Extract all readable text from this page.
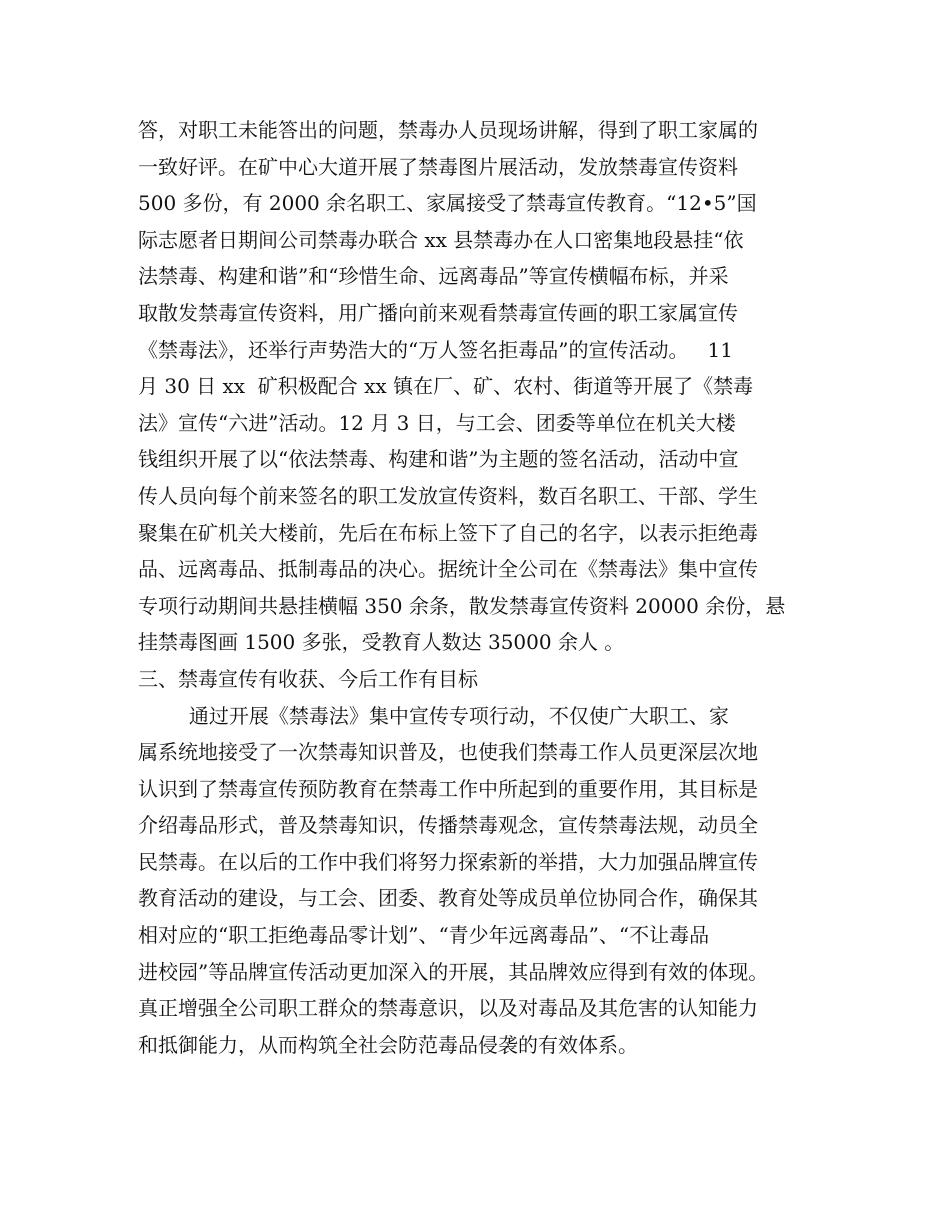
答，对职工未能答出的问题，禁毒办人员现场讲解，得到了职工家属的
一致好评。在矿中心大道开展了禁毒图片展活动，发放禁毒宣传资料
500 多份，有 2000 余名职工、家属接受了禁毒宣传教育。“12•5”国
际志愿者日期间公司禁毒办联合 xx 县禁毒办在人口密集地段悬挂“依
法禁毒、构建和谐”和“珍惜生命、远离毒品”等宣传横幅布标，并采
取散发禁毒宣传资料，用广播向前来观看禁毒宣传画的职工家属宣传
《禁毒法》，还举行声势浩大的“万人签名拒毒品”的宣传活动。   11
月 30 日 xx  矿积极配合 xx 镇在厂、矿、农村、街道等开展了《禁毒
法》宣传“六进”活动。12 月 3 日，与工会、团委等单位在机关大楼
钱组织开展了以“依法禁毒、构建和谐”为主题的签名活动，活动中宣
传人员向每个前来签名的职工发放宣传资料，数百名职工、干部、学生
聚集在矿机关大楼前，先后在布标上签下了自己的名字，以表示拒绝毒
品、远离毒品、抵制毒品的决心。据统计全公司在《禁毒法》集中宣传
专项行动期间共悬挂横幅 350 余条，散发禁毒宣传资料 20000 余份，悬
挂禁毒图画 1500 多张，受教育人数达 35000 余人 。
三、禁毒宣传有收获、今后工作有目标
通过开展《禁毒法》集中宣传专项行动，不仅使广大职工、家
属系统地接受了一次禁毒知识普及，也使我们禁毒工作人员更深层次地
认识到了禁毒宣传预防教育在禁毒工作中所起到的重要作用，其目标是
介绍毒品形式，普及禁毒知识，传播禁毒观念，宣传禁毒法规，动员全
民禁毒。在以后的工作中我们将努力探索新的举措，大力加强品牌宣传
教育活动的建设，与工会、团委、教育处等成员单位协同合作，确保其
相对应的“职工拒绝毒品零计划”、“青少年远离毒品”、“不让毒品
进校园”等品牌宣传活动更加深入的开展，其品牌效应得到有效的体现。
真正增强全公司职工群众的禁毒意识，以及对毒品及其危害的认知能力
和抵御能力，从而构筑全社会防范毒品侵袭的有效体系。
